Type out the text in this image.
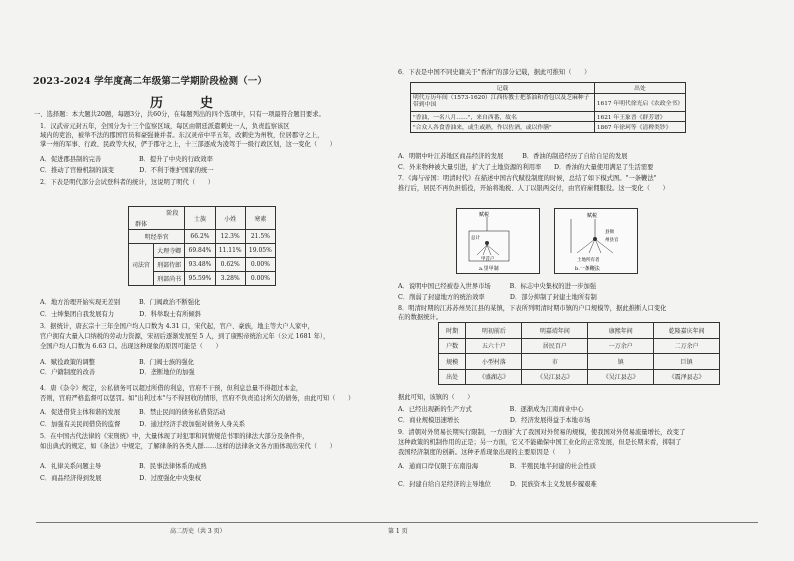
2023-2024 学年度高二年级第二学期阶段检测（一）
历　史

一、选择题：本大题共20题，每题3分，共60分，在每题列出的四个选项中，只有一项最符合题目要求。

1．汉武帝元封五年，全国分为十三个监察区域，每区由朝廷派遣刺史一人，负责监察该区

域内的吏治，被举不法的郡国官员和豪强兼并者。东汉灵帝中平五年，改刺史为州牧，位居郡守之上，

掌一州的军事、行政、民政等大权，俨于郡守之上，十三部逐成为凌驾于一级行政区划，这一变化（　　）

A．促进郡县制的完善　　　　　　B．提升了中央的行政效率

C．推动了官僚机制的演变　　　　D．不利于维护国家的统一

2．下表是明代部分会试登科者的统计，这说明了明代（　　）

A．地方治理开始实现无差别　　　B．门阀政治不断强化

C．士绅集团自我发展有力　　　　D．科举取士有所倾斜

3．据统计，唐玄宗十三年全国户均人口数为 4.31 口，宋代起，官户、豪族，地主等大户人家中，

官户拥有大量入口纳税的劳动力资源，宋初后逐渐发展至 5 人，到了康熙帝统治元年（公元 1681 年），

全国户均人口数为 6.63 口。出现这种现象的原因可能是（　　）

A．赋役政策的调整　　　　　　　B．门阀士族的强化

C．户籍制度的改善　　　　　　　D．垄断地位的加强

4．唐《杂令》规定，公私债务可以超过所借的利息，官府不干预，但利息总量不得超过本金，

否则，官府严格监督可以惩罚。如"出利过本"与不得回收的情形，官府不负责追讨所欠的债务，由此可知（　　）

A．促进借贷主体和谐的发展　　　B．禁止民间的债务私借贷活动

C．加强有关民间借贷的监督　　　D．通过经济手段加强对债务人身关系

5．在中国古代法律的《宋刑统》中，大量体现了对犯罪和同情规范书罪的律法大部分及条件件，

如出典式的规定，如《条法》中规定，了解律条的各类人群……这样的法律条文各方面体现出宋代（　　）

A．礼律关系问题主导　　　　　　B．民事法律体系的成熟

C．商品经济得到发展　　　　　　D．过度强化中央集权

阶段
群体		士族	小姓	寒素
明经举官		66.2%	12.3%	21.5%
司法官	大理寺卿	69.84%	11.11%	19.05%
	刑部侍郎	93.48%	0.62%	0.00%
	刑部尚书	95.59%	3.28%	0.00%

6．下表是中国不同史籍关于"香油"的部分记载，据此可推知（　　）

A．明朝中叶江苏地区商品经济的发展　　　B．香油的制造经历了自给自足的发展

C．外来物种被大量引进，扩大了土地资源的利用率　　D．香油的大量使用满足了生活需要

7．《海与帝国：明清时代》在描述中国古代赋役制度的时候，总结了如下模式图。"一条鞭法"

推行后，居民不再负担徭役，开始将地税、人丁以银两交付，由官府雇佣服役。这一变化（　　）

A．说明中国已经被卷入世界市场　　　B．标志中央集权的进一步加强

C．削弱了封建地方的统治效率　　　　D．部分抑制了封建土地所有制

8．明清时期的江苏苏州吴江县的某镇，下表所列明清时期市镇的户口规模等，据此推断人口变化

在的数据统计。

据此可知，该镇的（　　）

A．已经出现新的生产方式　　　　　　B．逐渐成为江南商业中心

C．商业规模迅速增长　　　　　　　　D．经济发展得益于本地市场

9．清朝对外贸易长期实行限制，一方面扩大了我国对外贸易的规模，使我国对外贸易流量增长，改变了

这种政策的机制作用的正是；另一方面，它又不能确保中国工业化的正常发展，但是长期来看，抑制了

我国经济制度的创新。这种矛盾现象出现的主要原因是（　　）

A．通商口岸仅限于东南沿海　　　　　B．半殖民地半封建的社会性质

C．封建自给自足经济的主导地位　　　D．民族资本主义发展步履艰难

记载	出处
明代万历年间（1573-1620）江西传教士把茶油和香包以及芝麻种子带到中国	1617 年明代徐光启《农政全书》
"香油，一名八月……"，来自西番，故名	1621 年王象晋《群芳谱》
"合众人各食香油来，或生或熟，作以佐酒，或以作膳"	1867 年徐珂等《清稗类钞》
赋税
总计
甲首户
a.里甲制
赋税
县衙
州县官
土地所有者
b.一条鞭法
时期	明初前后	明嘉靖年间	康熙年间	乾隆嘉庆年间
户数	五六十户	居民百户	一万余户	二万余户
规模	小型村落	市	镇	巨镇
出处	《盛湖志》	《吴江县志》	《吴江县志》	《震泽县志》
高二历史（共 3 页）	第 1 页
